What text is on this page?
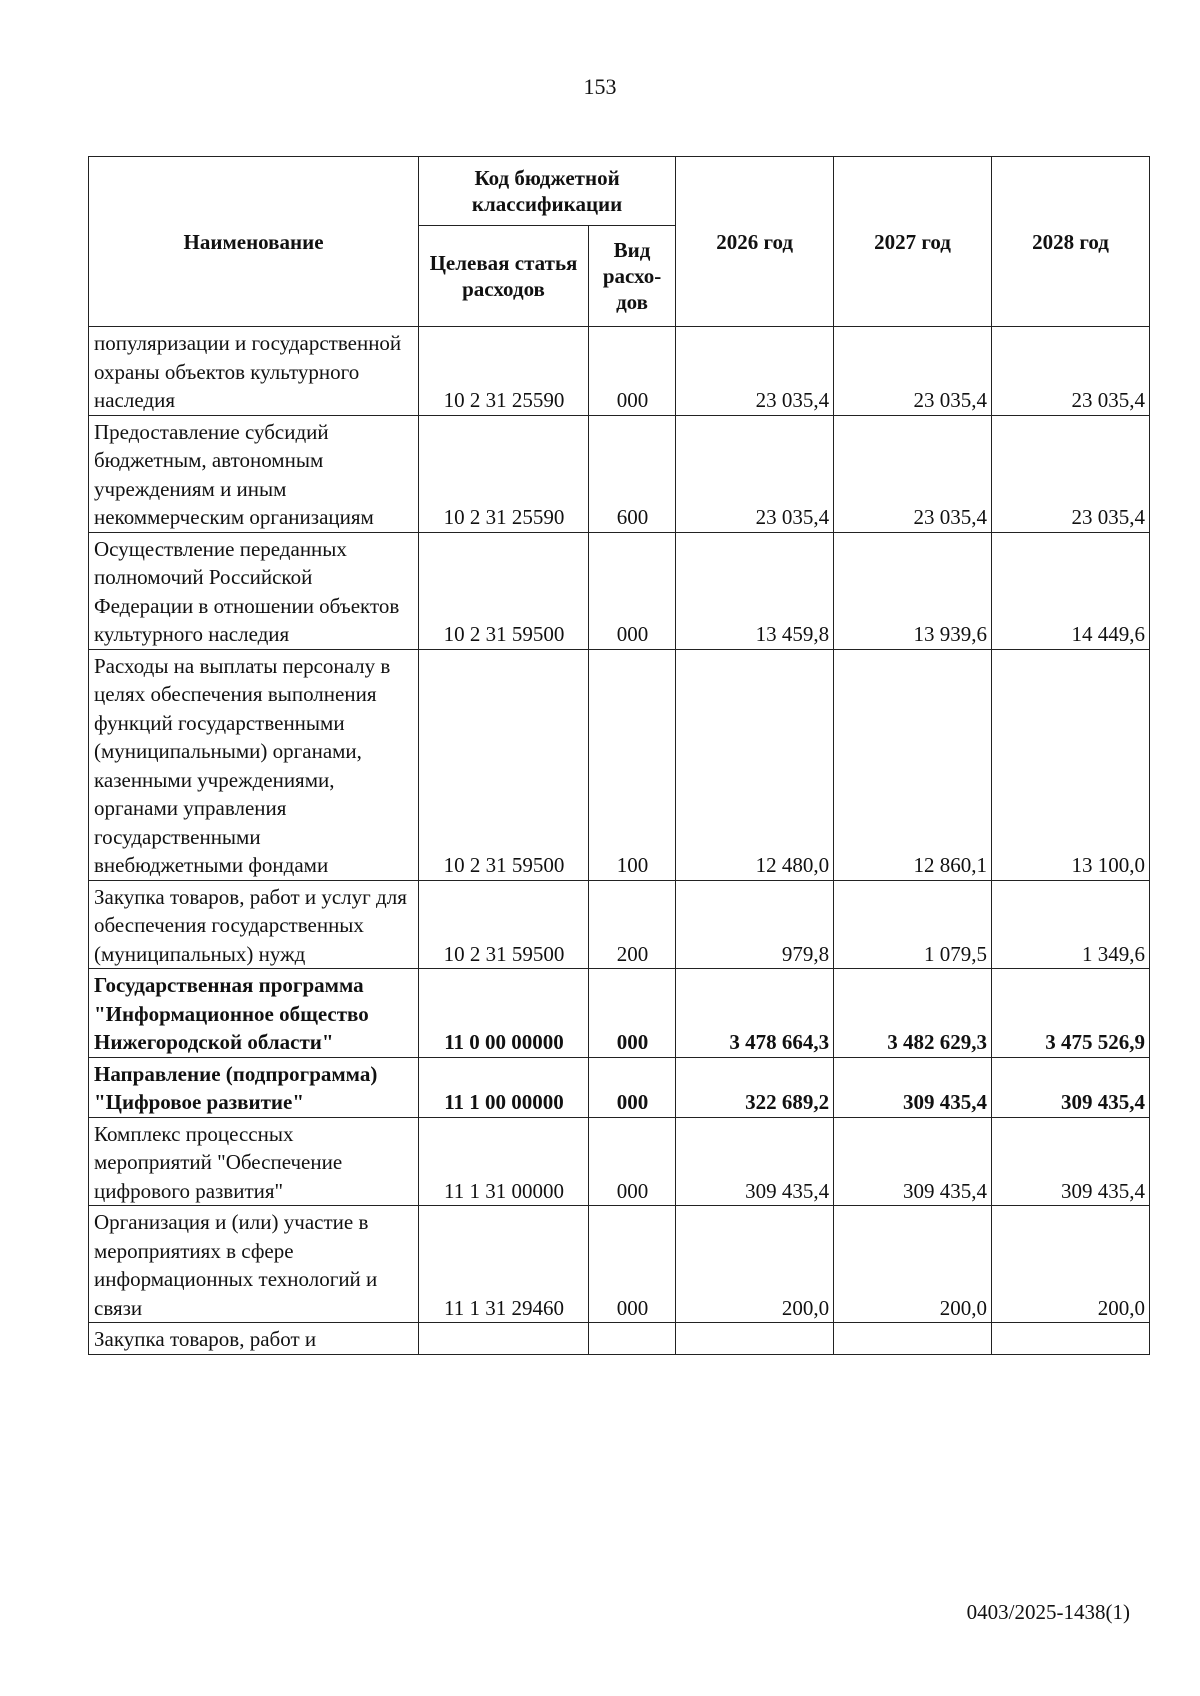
153
Наименование	Код бюджетной классификации		2026 год	2027 год	2028 год
	Целевая статья расходов	Вид расхо-дов			
популяризации и государственной охраны объектов культурного наследия	10 2 31 25590	000	23 035,4	23 035,4	23 035,4
Предоставление субсидий бюджетным, автономным учреждениям и иным некоммерческим организациям	10 2 31 25590	600	23 035,4	23 035,4	23 035,4
Осуществление переданных полномочий Российской Федерации в отношении объектов культурного наследия	10 2 31 59500	000	13 459,8	13 939,6	14 449,6
Расходы на выплаты персоналу в целях обеспечения выполнения функций государственными (муниципальными) органами, казенными учреждениями, органами управления государственными внебюджетными фондами	10 2 31 59500	100	12 480,0	12 860,1	13 100,0
Закупка товаров, работ и услуг для обеспечения государственных (муниципальных) нужд	10 2 31 59500	200	979,8	1 079,5	1 349,6
Государственная программа "Информационное общество Нижегородской области"	11 0 00 00000	000	3 478 664,3	3 482 629,3	3 475 526,9
Направление (подпрограмма) "Цифровое развитие"	11 1 00 00000	000	322 689,2	309 435,4	309 435,4
Комплекс процессных мероприятий "Обеспечение цифрового развития"	11 1 31 00000	000	309 435,4	309 435,4	309 435,4
Организация и (или) участие в мероприятиях в сфере информационных технологий и связи	11 1 31 29460	000	200,0	200,0	200,0
Закупка товаров, работ и					
0403/2025-1438(1)
